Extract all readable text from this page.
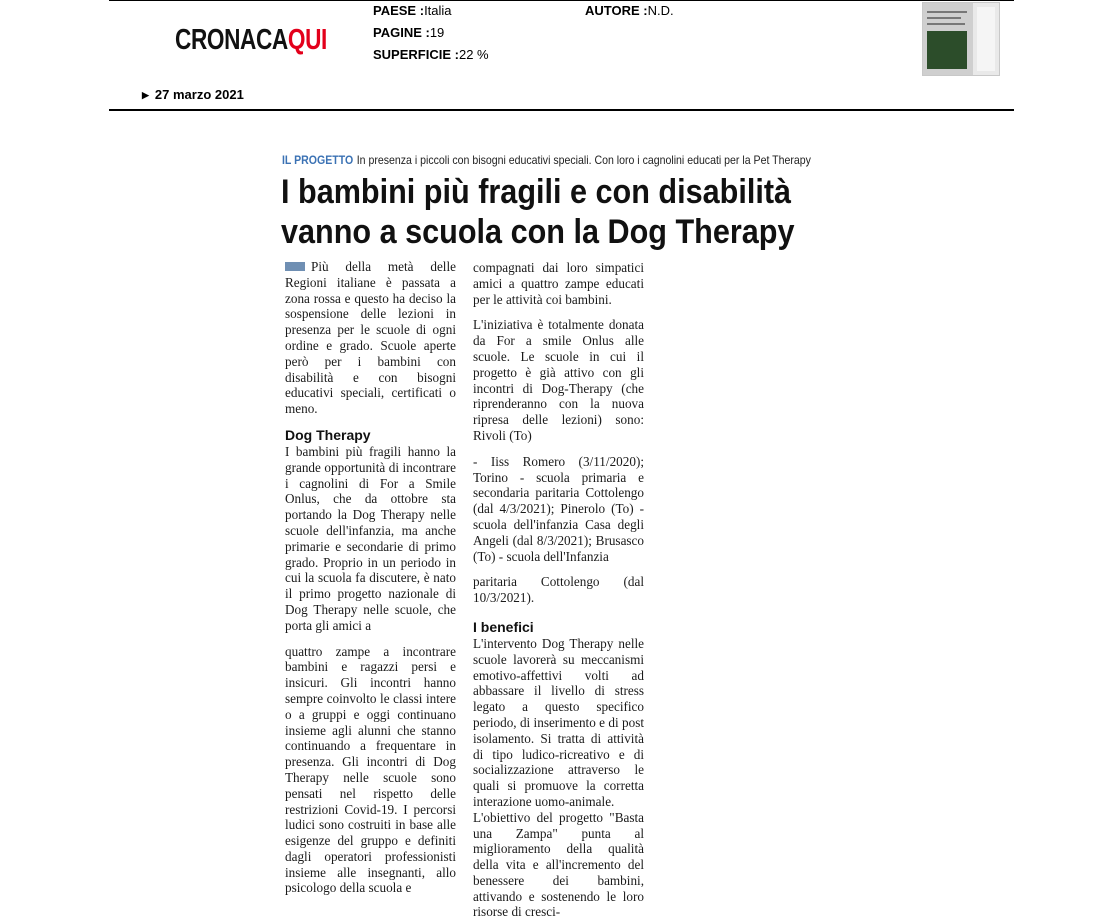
CRONACAQUI
PAESE :Italia
PAGINE :19
SUPERFICIE :22 %
AUTORE :N.D.
▶ 27 marzo 2021
IL PROGETTO In presenza i piccoli con bisogni educativi speciali. Con loro i cagnolini educati per la Pet Therapy
I bambini più fragili e con disabilità
vanno a scuola con la Dog Therapy

Più della metà delle Regioni italiane è passata a zona rossa e questo ha deciso la sospensione delle lezioni in presenza per le scuole di ogni ordine e grado. Scuole aperte però per i bambini con disabilità e con bisogni educativi speciali, certificati o meno.

Dog Therapy

I bambini più fragili hanno la grande opportunità di incontrare i cagnolini di For a Smile Onlus, che da ottobre sta portando la Dog Therapy nelle scuole dell'infanzia, ma anche primarie e secondarie di primo grado. Proprio in un periodo in cui la scuola fa discutere, è nato il primo progetto nazionale di Dog Therapy nelle scuole, che porta gli amici a

quattro zampe a incontrare bambini e ragazzi persi e insicuri. Gli incontri hanno sempre coinvolto le classi intere o a gruppi e oggi continuano insieme agli alunni che stanno continuando a frequentare in presenza. Gli incontri di Dog Therapy nelle scuole sono pensati nel rispetto delle restrizioni Covid-19. I percorsi ludici sono costruiti in base alle esigenze del gruppo e definiti dagli operatori professionisti insieme alle insegnanti, allo psicologo della scuola e

compagnati dai loro simpatici amici a quattro zampe educati per le attività coi bambini.

L'iniziativa è totalmente donata da For a smile Onlus alle scuole. Le scuole in cui il progetto è già attivo con gli incontri di Dog-Therapy (che riprenderanno con la nuova ripresa delle lezioni) sono: Rivoli (To)

- Iiss Romero (3/11/2020); Torino - scuola primaria e secondaria paritaria Cottolengo (dal 4/3/2021); Pinerolo (To) - scuola dell'infanzia Casa degli Angeli (dal 8/3/2021); Brusasco (To) - scuola dell'Infanzia

paritaria Cottolengo (dal 10/3/2021).

I benefici

L'intervento Dog Therapy nelle scuole lavorerà su meccanismi emotivo-affettivi volti ad abbassare il livello di stress legato a questo specifico periodo, di inserimento e di post isolamento. Si tratta di attività di tipo ludico-ricreativo e di socializzazione attraverso le quali si promuove la corretta interazione uomo-animale.

L'obiettivo del progetto "Basta una Zampa" punta al miglioramento della qualità della vita e all'incremento del benessere dei bambini, attivando e sostenendo le loro risorse di cresci-
